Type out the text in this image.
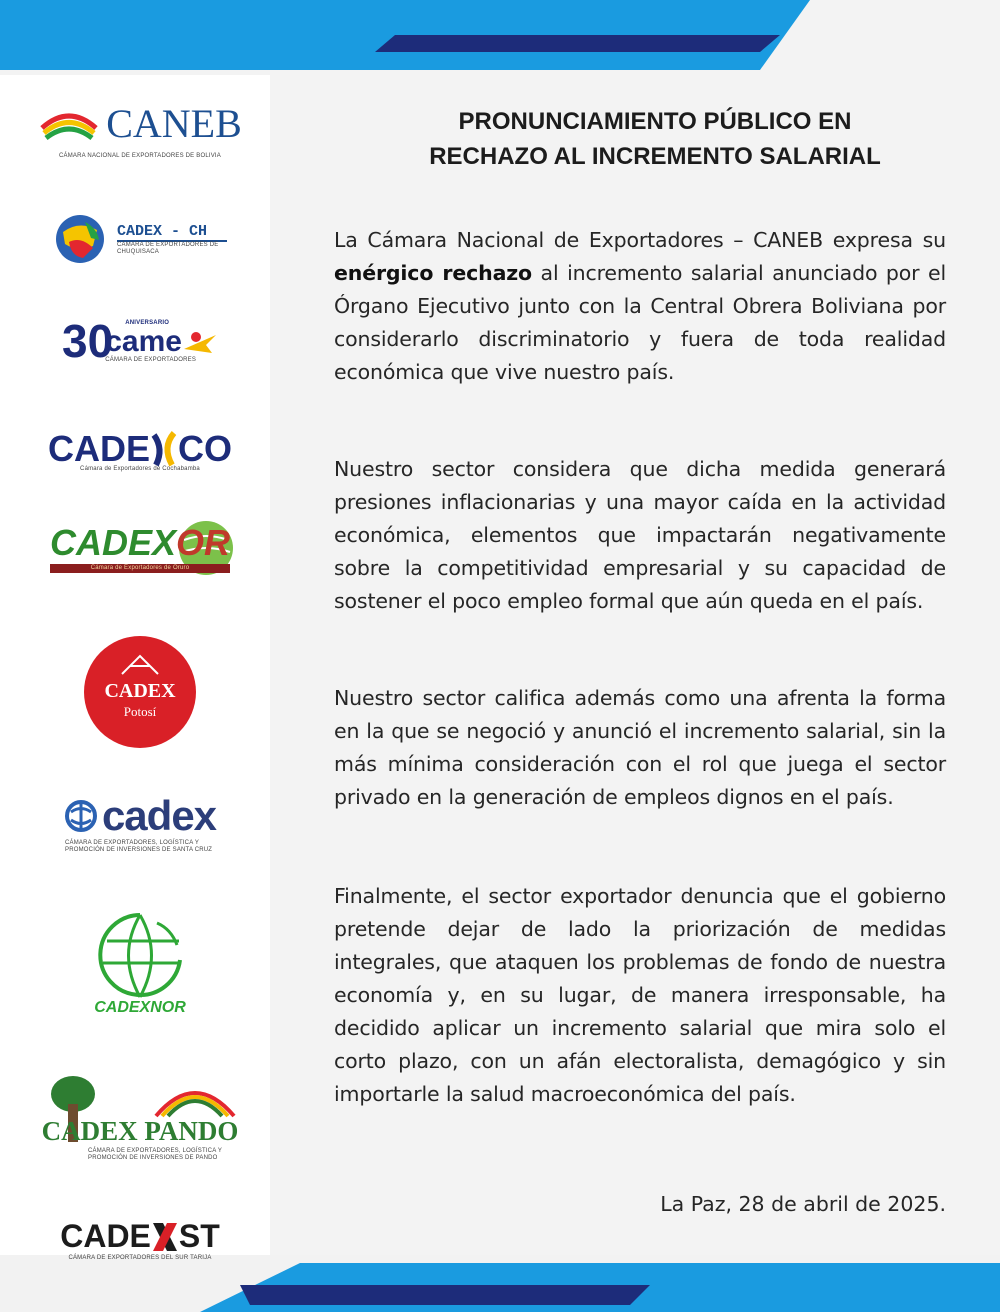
CANEB
CÁMARA NACIONAL DE EXPORTADORES DE BOLIVIA
CADEX - CH
CÁMARA DE EXPORTADORES DE CHUQUISACA
30 ANIVERSARIO
came
CÁMARA DE EXPORTADORES
CADE CO
Cámara de Exportadores de Cochabamba
CADEX OR
Cámara de Exportadores de Oruro
CADEX
Potosí
cadex
CÁMARA DE EXPORTADORES, LOGÍSTICA Y PROMOCIÓN DE INVERSIONES DE SANTA CRUZ
CADEXNOR
CADEX PANDO
CÁMARA DE EXPORTADORES, LOGÍSTICA Y PROMOCIÓN DE INVERSIONES DE PANDO
CADE ST
CÁMARA DE EXPORTADORES DEL SUR TARIJA
PRONUNCIAMIENTO PÚBLICO EN
RECHAZO AL INCREMENTO SALARIAL

La Cámara Nacional de Exportadores – CANEB expresa su enérgico rechazo al incremento salarial anunciado por el Órgano Ejecutivo junto con la Central Obrera Boliviana por considerarlo discriminatorio y fuera de toda realidad económica que vive nuestro país.

Nuestro sector considera que dicha medida generará presiones inflacionarias y una mayor caída en la actividad económica, elementos que impactarán negativamente sobre la competitividad empresarial y su capacidad de sostener el poco empleo formal que aún queda en el país.

Nuestro sector califica además como una afrenta la forma en la que se negoció y anunció el incremento salarial, sin la más mínima consideración con el rol que juega el sector privado en la generación de empleos dignos en el país.

Finalmente, el sector exportador denuncia que el gobierno pretende dejar de lado la priorización de medidas integrales, que ataquen los problemas de fondo de nuestra economía y, en su lugar, de manera irresponsable, ha decidido aplicar un incremento salarial que mira solo el corto plazo, con un afán electoralista, demagógico y sin importarle la salud macroeconómica del país.

La Paz, 28 de abril de 2025.
